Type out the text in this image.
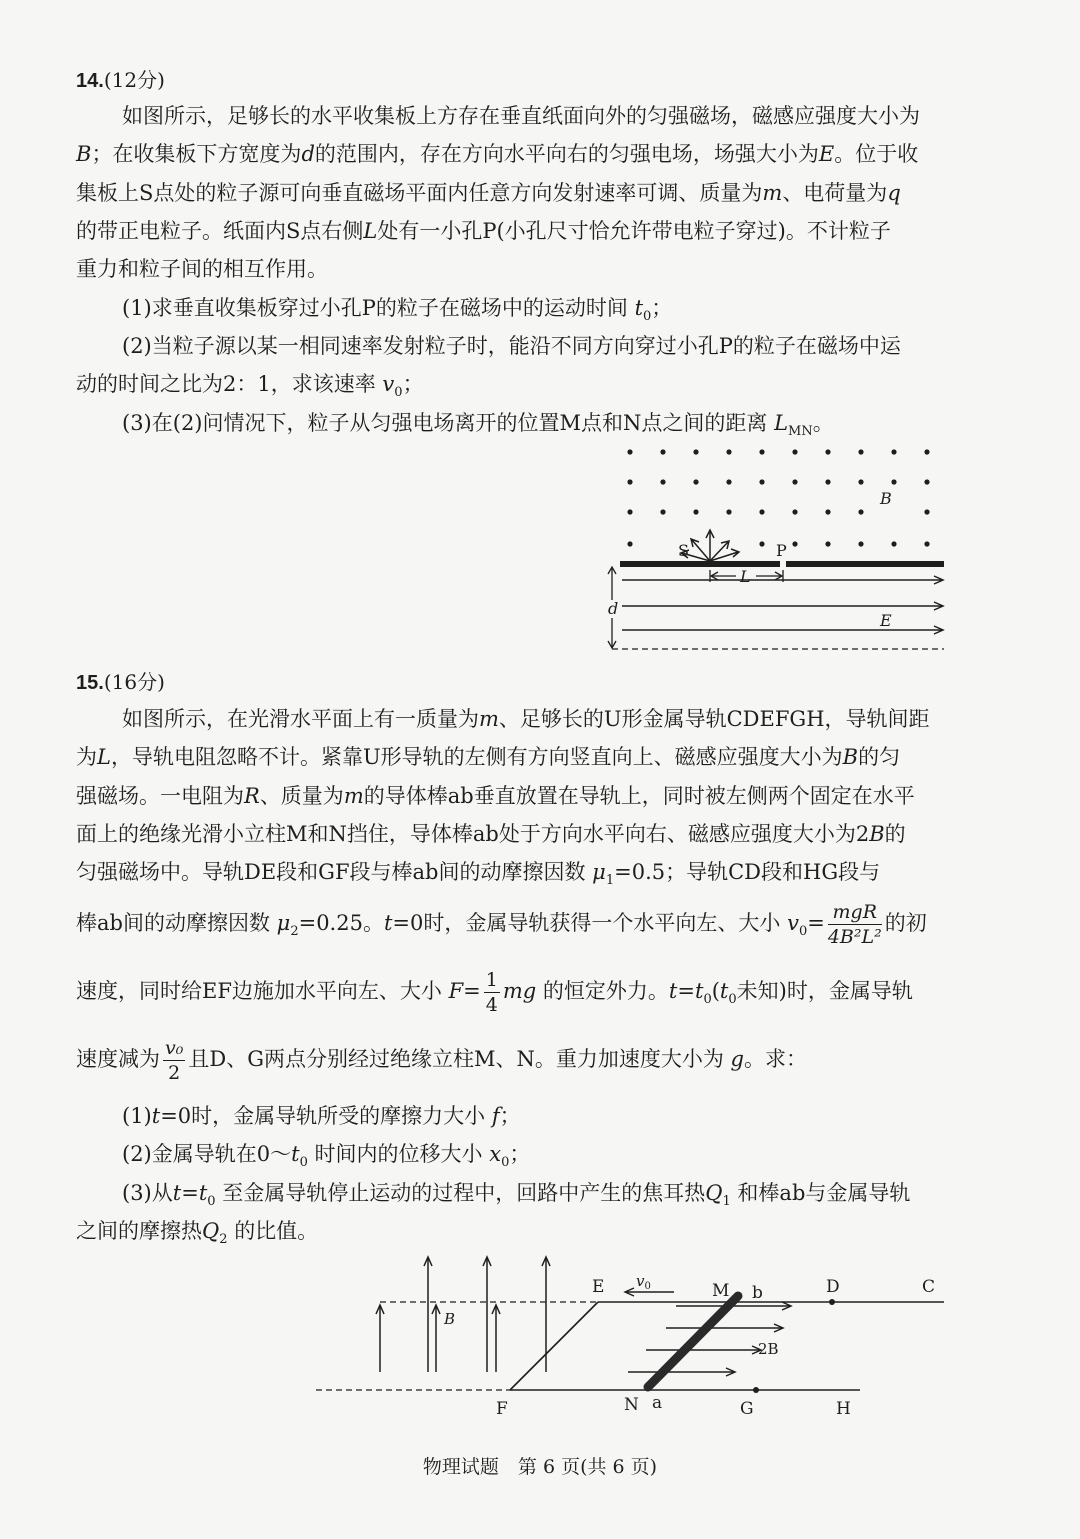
14.(12分)
如图所示，足够长的水平收集板上方存在垂直纸面向外的匀强磁场，磁感应强度大小为
B；在收集板下方宽度为d的范围内，存在方向水平向右的匀强电场，场强大小为E。位于收
集板上S点处的粒子源可向垂直磁场平面内任意方向发射速率可调、质量为m、电荷量为q
的带正电粒子。纸面内S点右侧L处有一小孔P(小孔尺寸恰允许带电粒子穿过)。不计粒子
重力和粒子间的相互作用。
(1)求垂直收集板穿过小孔P的粒子在磁场中的运动时间 $t_0$；
(2)当粒子源以某一相同速率发射粒子时，能沿不同方向穿过小孔P的粒子在磁场中运
动的时间之比为2：1，求该速率 $v_0$；
(3)在(2)问情况下，粒子从匀强电场离开的位置M点和N点之间的距离 $L_{MN}$。
B
S	P
L
d
E
15.(16分)
如图所示，在光滑水平面上有一质量为m、足够长的U形金属导轨CDEFGH，导轨间距
为L，导轨电阻忽略不计。紧靠U形导轨的左侧有方向竖直向上、磁感应强度大小为B的匀
强磁场。一电阻为R、质量为m的导体棒ab垂直放置在导轨上，同时被左侧两个固定在水平
面上的绝缘光滑小立柱M和N挡住，导体棒ab处于方向水平向右、磁感应强度大小为2B的
匀强磁场中。导轨DE段和GF段与棒ab间的动摩擦因数 $\mu_1=0.5$；导轨CD段和HG段与
棒ab间的动摩擦因数 $\mu_2=0.25$。t=0时，金属导轨获得一个水平向左、大小 $v_0= \frac{\text{mgR}}{\text{4B²L²}}$ 的初
速度，同时给EF边施加水平向左、大小 $F= \frac{1}{4}$ mg 的恒定外力。$t=t_0(t_0$未知)时，金属导轨
速度减为 $\frac{\text{v₀}}{2}$ 且D、G两点分别经过绝缘立柱M、N。重力加速度大小为 g。求：
(1)t=0时，金属导轨所受的摩擦力大小 f；
(2)金属导轨在$0\sim t_0$ 时间内的位移大小 $x_0$；
(3)从$t=t_0$ 至金属导轨停止运动的过程中，回路中产生的焦耳热$Q_1$ 和棒ab与金属导轨
之间的摩擦热$Q_2$ 的比值。
B
2B
$v_0$
E	M b	D	C
F	N a	G	H
物理试题　第 6 页(共 6 页)
